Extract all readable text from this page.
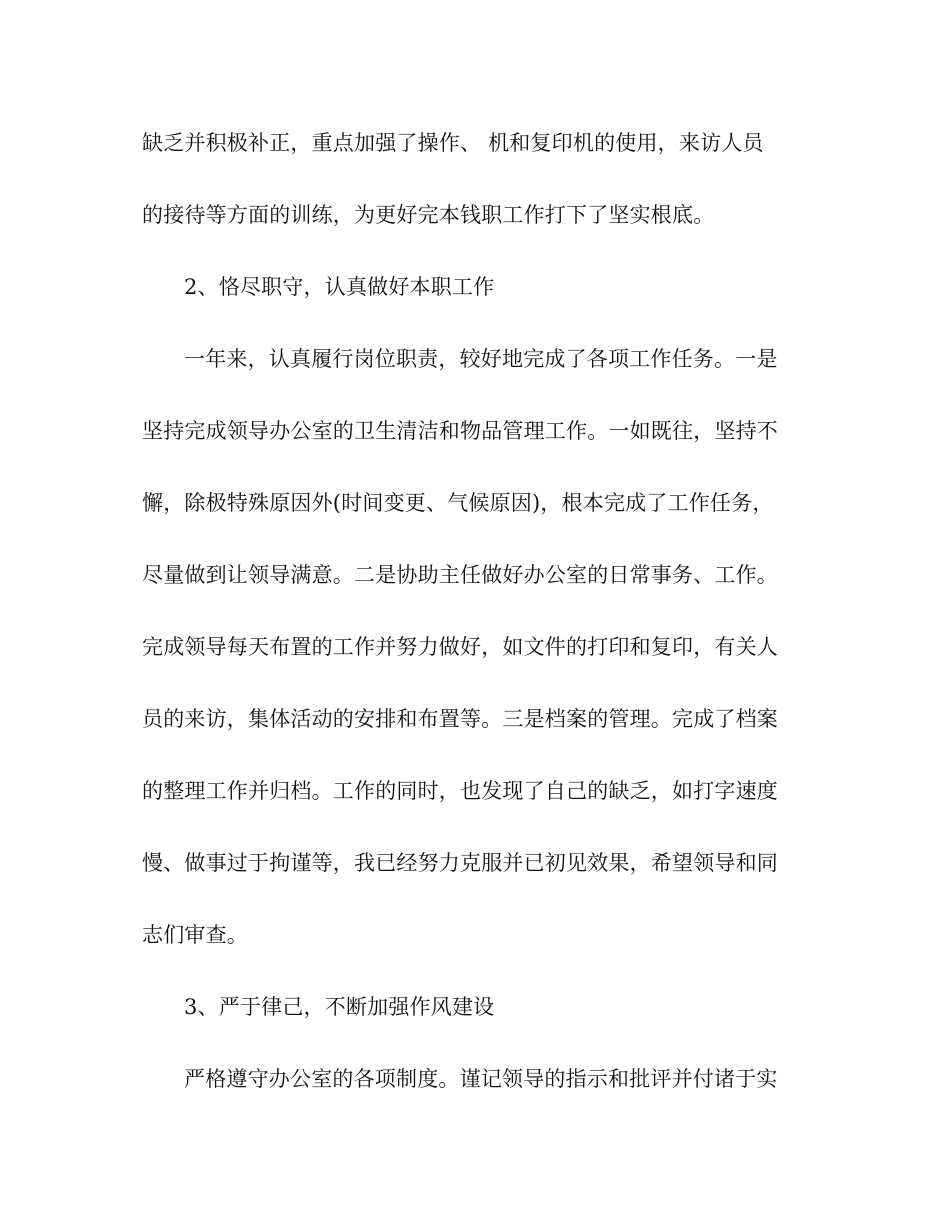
缺乏并积极补正，重点加强了操作、 机和复印机的使用，来访人员
的接待等方面的训练，为更好完本钱职工作打下了坚实根底。
2、恪尽职守，认真做好本职工作
一年来，认真履行岗位职责，较好地完成了各项工作任务。一是
坚持完成领导办公室的卫生清洁和物品管理工作。一如既往，坚持不
懈，除极特殊原因外(时间变更、气候原因)，根本完成了工作任务，
尽量做到让领导满意。二是协助主任做好办公室的日常事务、工作。
完成领导每天布置的工作并努力做好，如文件的打印和复印，有关人
员的来访，集体活动的安排和布置等。三是档案的管理。完成了档案
的整理工作并归档。工作的同时，也发现了自己的缺乏，如打字速度
慢、做事过于拘谨等，我已经努力克服并已初见效果，希望领导和同
志们审查。
3、严于律己，不断加强作风建设
严格遵守办公室的各项制度。谨记领导的指示和批评并付诸于实
